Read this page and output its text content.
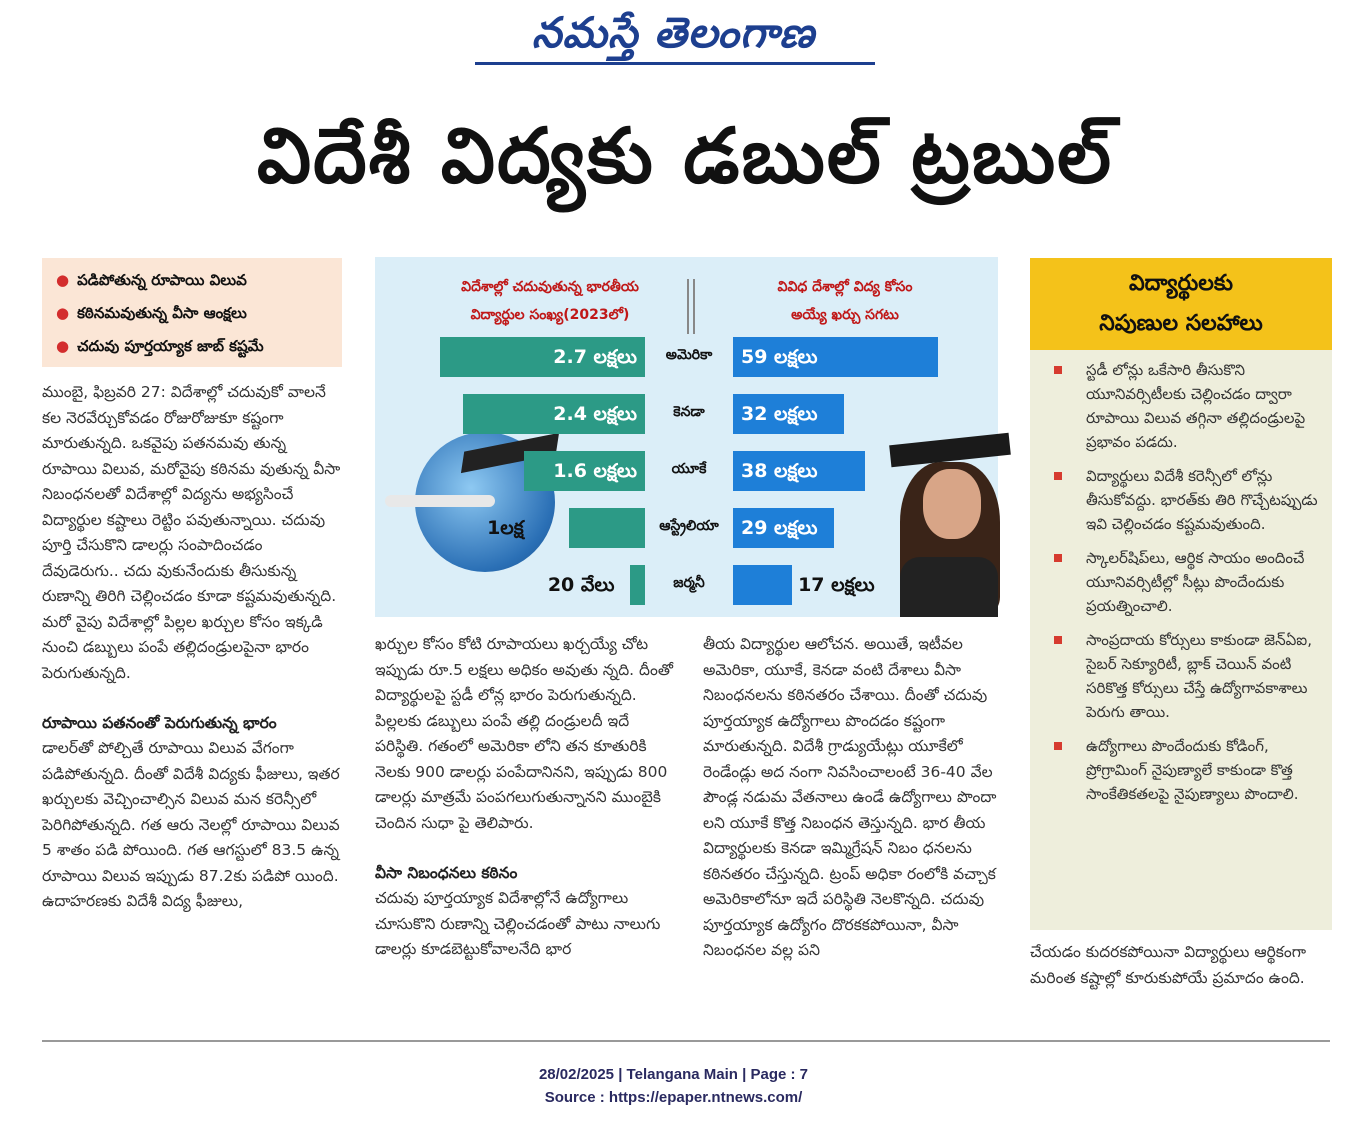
నమస్తే తెలంగాణ
విదేశీ విద్యకు డబుల్ ట్రబుల్
● పడిపోతున్న రూపాయి విలువ
● కఠినమవుతున్న వీసా ఆంక్షలు
● చదువు పూర్తయ్యాక జాబ్ కష్టమే

ముంబై, ఫిబ్రవరి 27: విదేశాల్లో చదువుకో వాలనే కల నెరవేర్చుకోవడం రోజురోజుకూ కష్టంగా మారుతున్నది. ఒకవైపు పతనమవు తున్న రూపాయి విలువ, మరోవైపు కఠినమ వుతున్న వీసా నిబంధనలతో విదేశాల్లో విద్యను అభ్యసించే విద్యార్థుల కష్టాలు రెట్టిం పవుతున్నాయి. చదువు పూర్తి చేసుకొని డాలర్లు సంపాదించడం దేవుడెరుగు.. చదు వుకునేందుకు తీసుకున్న రుణాన్ని తిరిగి చెల్లించడం కూడా కష్టమవుతున్నది. మరో వైపు విదేశాల్లో పిల్లల ఖర్చుల కోసం ఇక్కడి నుంచి డబ్బులు పంపే తల్లిదండ్రులపైనా భారం పెరుగుతున్నది.

రూపాయి పతనంతో పెరుగుతున్న భారం

డాలర్‌తో పోల్చితే రూపాయి విలువ వేగంగా పడిపోతున్నది. దీంతో విదేశీ విద్యకు ఫీజులు, ఇతర ఖర్చులకు వెచ్చించాల్సిన విలువ మన కరెన్సీలో పెరిగిపోతున్నది. గత ఆరు నెలల్లో రూపాయి విలువ 5 శాతం పడి పోయింది. గత ఆగస్టులో 83.5 ఉన్న రూపాయి విలువ ఇప్పుడు 87.2కు పడిపో యింది. ఉదాహరణకు విదేశీ విద్య ఫీజులు,

విదేశాల్లో చదువుతున్న భారతీయ
విద్యార్థుల సంఖ్య(2023లో)
వివిధ దేశాల్లో విద్య కోసం
అయ్యే ఖర్చు సగటు
2.7 లక్షలు	అమెరికా	59 లక్షలు
2.4 లక్షలు	కెనడా	32 లక్షలు
1.6 లక్షలు	యూకే	38 లక్షలు
1లక్ష	ఆస్ట్రేలియా	29 లక్షలు
20 వేలు	జర్మనీ	17 లక్షలు

ఖర్చుల కోసం కోటి రూపాయలు ఖర్చయ్యే చోట ఇప్పుడు రూ.5 లక్షలు అధికం అవుతు న్నది. దీంతో విద్యార్థులపై స్టడీ లోన్ల భారం పెరుగుతున్నది. పిల్లలకు డబ్బులు పంపే తల్లి దండ్రులదీ ఇదే పరిస్థితి. గతంలో అమెరికా లోని తన కూతురికి నెలకు 900 డాలర్లు పంపేదానినని, ఇప్పుడు 800 డాలర్లు మాత్రమే పంపగలుగుతున్నానని ముంబైకి చెందిన సుధా పై తెలిపారు.

వీసా నిబంధనలు కఠినం

చదువు పూర్తయ్యాక విదేశాల్లోనే ఉద్యోగాలు చూసుకొని రుణాన్ని చెల్లించడంతో పాటు నాలుగు డాలర్లు కూడబెట్టుకోవాలనేది భార

తీయ విద్యార్థుల ఆలోచన. అయితే, ఇటీవల అమెరికా, యూకే, కెనడా వంటి దేశాలు వీసా నిబంధనలను కఠినతరం చేశాయి. దీంతో చదువు పూర్తయ్యాక ఉద్యోగాలు పొందడం కష్టంగా మారుతున్నది. విదేశీ గ్రాడ్యుయేట్లు యూకేలో రెండేండ్లు అద నంగా నివసించాలంటే 36-40 వేల పౌండ్ల నడుమ వేతనాలు ఉండే ఉద్యోగాలు పొందా లని యూకే కొత్త నిబంధన తెస్తున్నది. భార తీయ విద్యార్థులకు కెనడా ఇమ్మిగ్రేషన్ నిబం ధనలను కఠినతరం చేస్తున్నది. ట్రంప్ అధికా రంలోకి వచ్చాక అమెరికాలోనూ ఇదే పరిస్థితి నెలకొన్నది. చదువు పూర్తయ్యాక ఉద్యోగం దొరకకపోయినా, వీసా నిబంధనల వల్ల పని

విద్యార్థులకు
నిపుణుల సలహాలు
స్టడీ లోన్లు ఒకేసారి తీసుకొని యూనివర్సిటీలకు చెల్లించడం ద్వారా రూపాయి విలువ తగ్గినా తల్లిదండ్రులపై ప్రభావం పడదు.
విద్యార్థులు విదేశీ కరెన్సీలో లోన్లు తీసుకోవద్దు. భారత్‌కు తిరి గొచ్చేటప్పుడు ఇవి చెల్లించడం కష్టమవుతుంది.
స్కాలర్‌షిప్‌లు, ఆర్థిక సాయం అందించే యూనివర్సిటీల్లో సీట్లు పొందేందుకు ప్రయత్నించాలి.
సాంప్రదాయ కోర్సులు కాకుండా జెన్‌ఏఐ, సైబర్ సెక్యూరిటీ, బ్లాక్ చెయిన్ వంటి సరికొత్త కోర్సులు చేస్తే ఉద్యోగావకాశాలు పెరుగు తాయి.
ఉద్యోగాలు పొందేందుకు కోడింగ్, ప్రోగ్రామింగ్ నైపుణ్యాలే కాకుండా కొత్త సాంకేతికతలపై నైపుణ్యాలు పొందాలి.

చేయడం కుదరకపోయినా విద్యార్థులు ఆర్థికంగా మరింత కష్టాల్లో కూరుకుపోయే ప్రమాదం ఉంది.

28/02/2025 | Telangana Main | Page : 7
Source : https://epaper.ntnews.com/
